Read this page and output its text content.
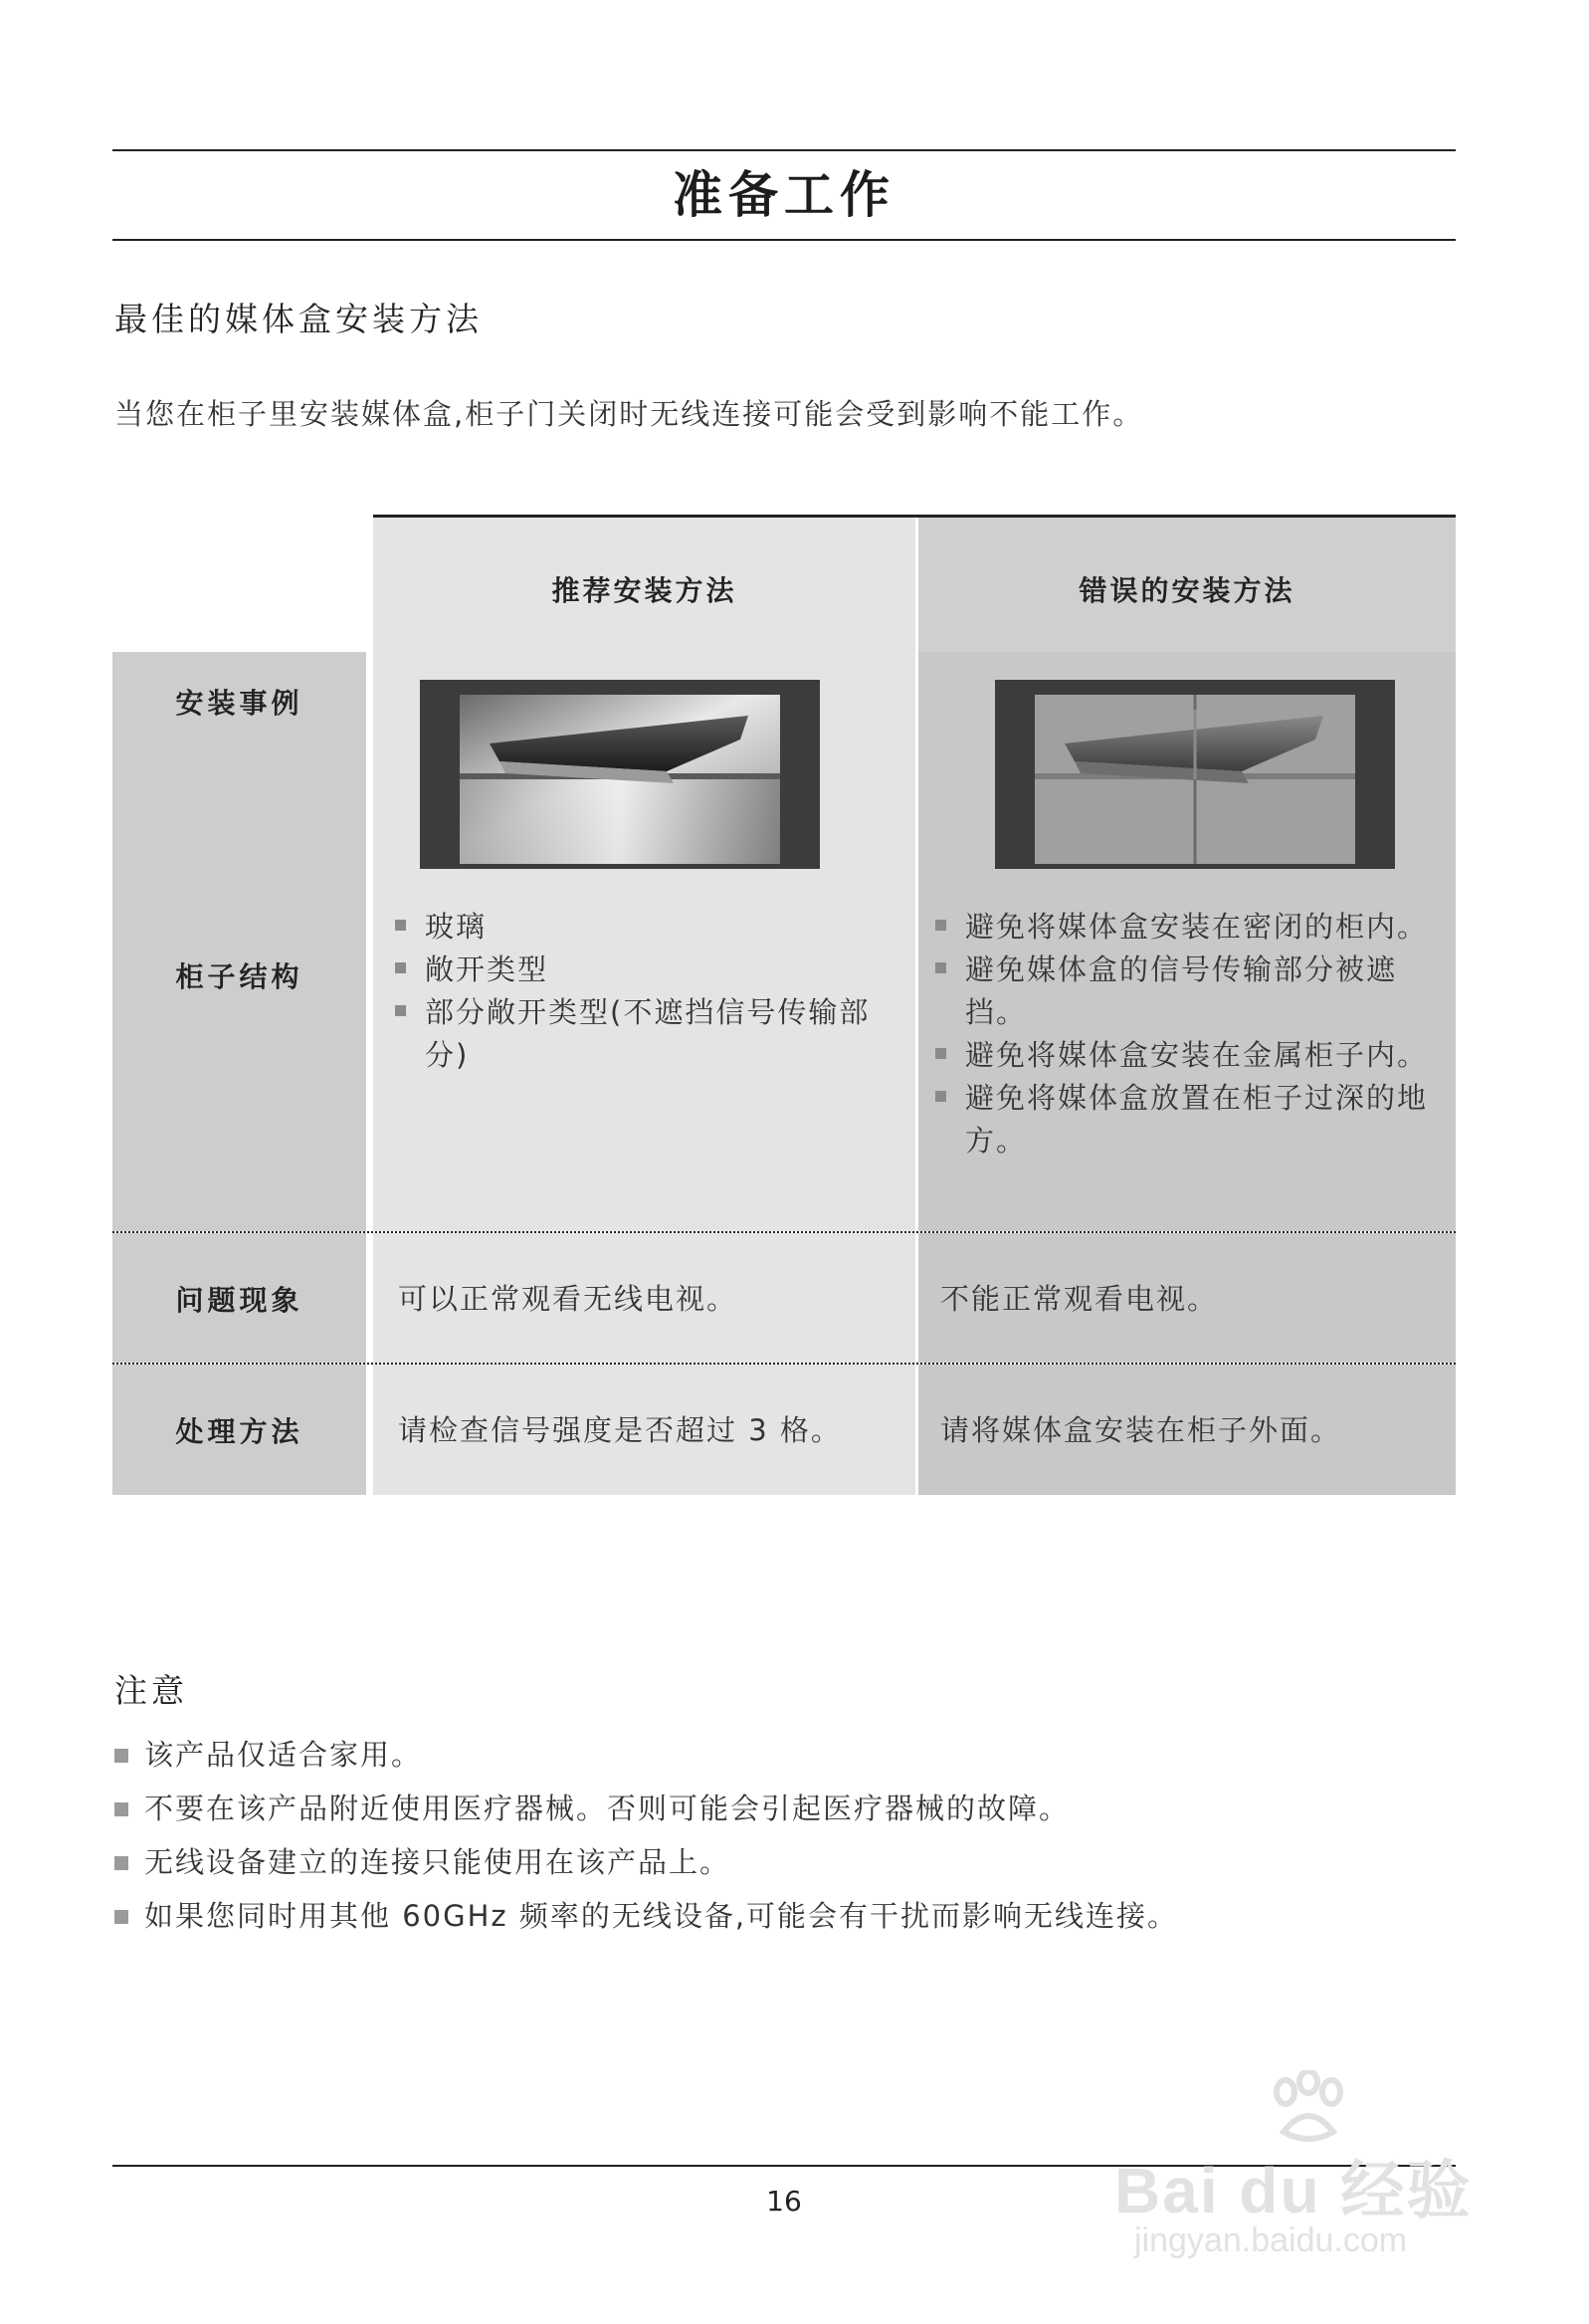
准备工作
最佳的媒体盒安装方法
当您在柜子里安装媒体盒,柜子门关闭时无线连接可能会受到影响不能工作。
推荐安装方法	错误的安装方法
安装事例
柜子结构
问题现象
处理方法
玻璃
敞开类型
部分敞开类型(不遮挡信号传输部分)
可以正常观看无线电视。
请检查信号强度是否超过 3 格。
避免将媒体盒安装在密闭的柜内。
避免媒体盒的信号传输部分被遮挡。
避免将媒体盒安装在金属柜子内。
避免将媒体盒放置在柜子过深的地方。
不能正常观看电视。
请将媒体盒安装在柜子外面。
注意
该产品仅适合家用。
不要在该产品附近使用医疗器械。否则可能会引起医疗器械的故障。
无线设备建立的连接只能使用在该产品上。
如果您同时用其他 60GHz 频率的无线设备,可能会有干扰而影响无线连接。
16	Bai du 经验
jingyan.baidu.com
